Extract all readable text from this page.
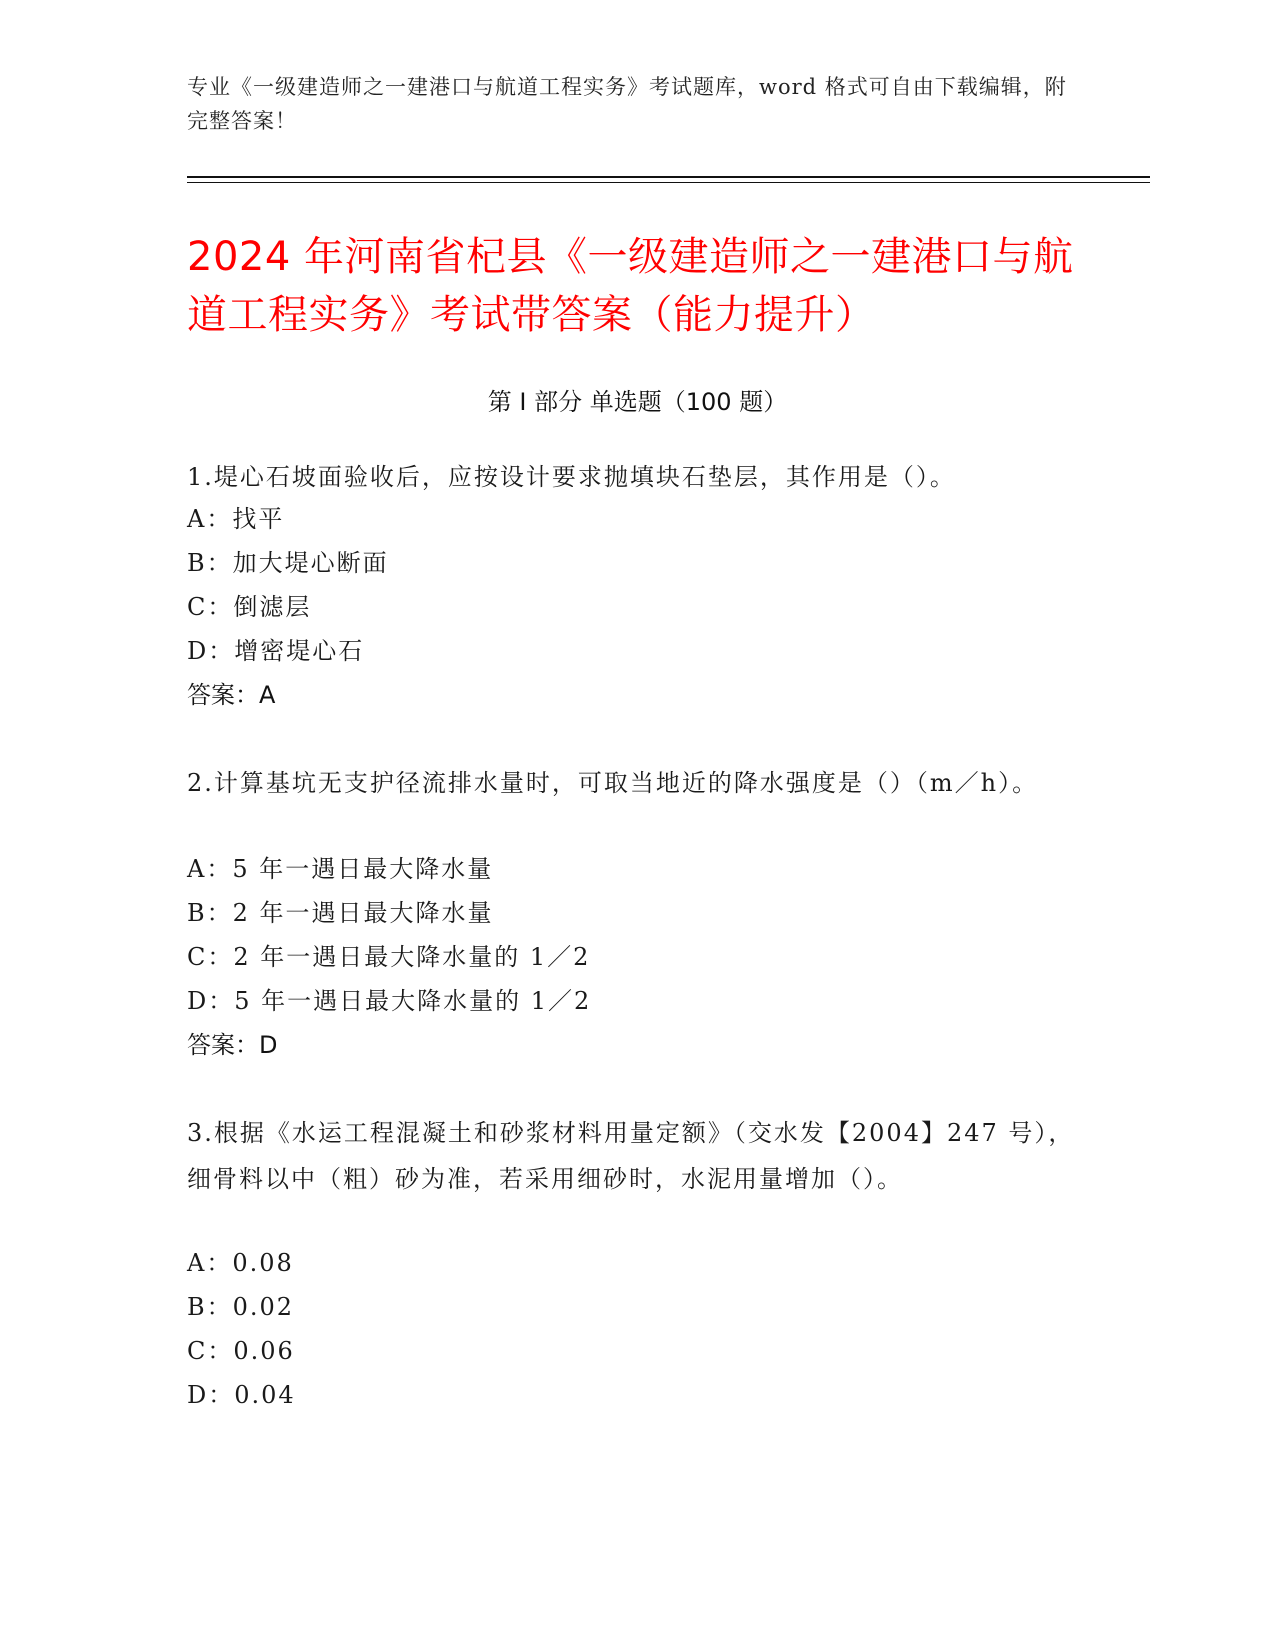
专业《一级建造师之一建港口与航道工程实务》考试题库，word 格式可自由下载编辑，附完整答案！
2024 年河南省杞县《一级建造师之一建港口与航道工程实务》考试带答案（能力提升）
第 I 部分 单选题（100 题）
1.堤心石坡面验收后，应按设计要求抛填块石垫层，其作用是（）。
A：找平
B：加大堤心断面
C：倒滤层
D：增密堤心石
答案：A
2.计算基坑无支护径流排水量时，可取当地近的降水强度是（）（m／h）。
A：5 年一遇日最大降水量
B：2 年一遇日最大降水量
C：2 年一遇日最大降水量的 1／2
D：5 年一遇日最大降水量的 1／2
答案：D
3.根据《水运工程混凝土和砂浆材料用量定额》（交水发【2004】247 号），细骨料以中（粗）砂为准，若采用细砂时，水泥用量增加（）。
A：0.08
B：0.02
C：0.06
D：0.04
